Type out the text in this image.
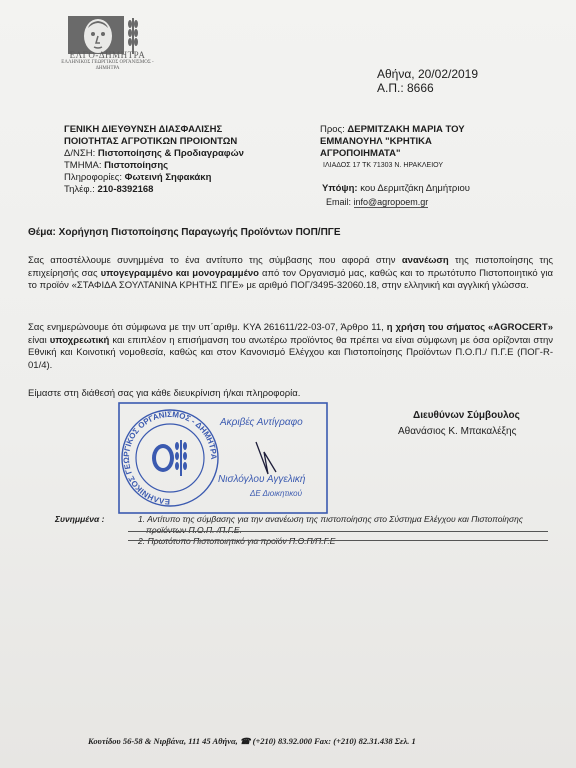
ΕΛΓΟ-ΔΗΜΗΤΡΑ
ΕΛΛΗΝΙΚΟΣ ΓΕΩΡΓΙΚΟΣ ΟΡΓΑΝΙΣΜΟΣ - ΔΗΜΗΤΡΑ	Αθήνα, 20/02/2019
Α.Π.: 8666
ΓΕΝΙΚΗ ΔΙΕΥΘΥΝΣΗ ΔΙΑΣΦΑΛΙΣΗΣ
ΠΟΙΟΤΗΤΑΣ ΑΓΡΟΤΙΚΩΝ ΠΡΟΙΟΝΤΩΝ
Δ/ΝΣΗ: Πιστοποίησης & Προδιαγραφών
ΤΜΗΜΑ: Πιστοποίησης
Πληροφορίες: Φωτεινή Σηφακάκη
Τηλέφ.: 210-8392168
Προς: ΔΕΡΜΙΤΖΑΚΗ ΜΑΡΙΑ ΤΟΥ
ΕΜΜΑΝΟΥΗΛ "ΚΡΗΤΙΚΑ
ΑΓΡΟΠΟΙΗΜΑΤΑ"
ΙΛΙΑΔΟΣ 17 ΤΚ 71303 Ν. ΗΡΑΚΛΕΙΟΥ
Υπόψη: κου Δερμιτζάκη Δημήτριου
Email: info@agropoem.gr
Θέμα: Χορήγηση Πιστοποίησης Παραγωγής Προϊόντων ΠΟΠ/ΠΓΕ
Σας αποστέλλουμε συνημμένα το ένα αντίτυπο της σύμβασης που αφορά στην ανανέωση της πιστοποίησης της επιχείρησής σας υπογεγραμμένο και μονογραμμένο από τον Οργανισμό μας, καθώς και το πρωτότυπο Πιστοποιητικό για το προϊόν «ΣΤΑΦΙΔΑ ΣΟΥΛΤΑΝΙΝΑ ΚΡΗΤΗΣ ΠΓΕ» με αριθμό ΠΟΓ/3495-32060.18, στην ελληνική και αγγλική γλώσσα.
Σας ενημερώνουμε ότι σύμφωνα με την υπ΄αριθμ. ΚΥΑ 261611/22-03-07, Άρθρο 11, η χρήση του σήματος «AGROCERT» είναι υποχρεωτική και επιπλέον η επισήμανση του ανωτέρω προϊόντος θα πρέπει να είναι σύμφωνη με όσα ορίζονται στην Εθνική και Κοινοτική νομοθεσία, καθώς και στον Κανονισμό Ελέγχου και Πιστοποίησης Προϊόντων Π.Ο.Π./ Π.Γ.Ε (ΠΟΓ-R-01/4).
Είμαστε στη διάθεσή σας για κάθε διευκρίνιση ή/και πληροφορία.
ΕΛΛΗΝΙΚΟΣ ΓΕΩΡΓΙΚΟΣ ΟΡΓΑΝΙΣΜΟΣ - ΔΗΜΗΤΡΑ
Ακριβές Αντίγραφο
Νισλόγλου Αγγελική
ΔΕ Διοικητικού
Διευθύνων Σύμβουλος
Αθανάσιος Κ. Μπακαλέξης
Συνημμένα :	1. Αντίτυπο της σύμβασης για την ανανέωση της πιστοποίησης στο Σύστημα Ελέγχου και Πιστοποίησης
προϊόντων Π.Ο.Π. /Π.Γ.Ε.
2. Πρωτότυπο Πιστοποιητικό για προϊόν Π.Ο.Π/Π.Γ.Ε
Κουτίδου 56-58 & Νιρβάνα, 111 45 Αθήνα, ☎ (+210) 83.92.000 Fax: (+210) 82.31.438 Σελ. 1
